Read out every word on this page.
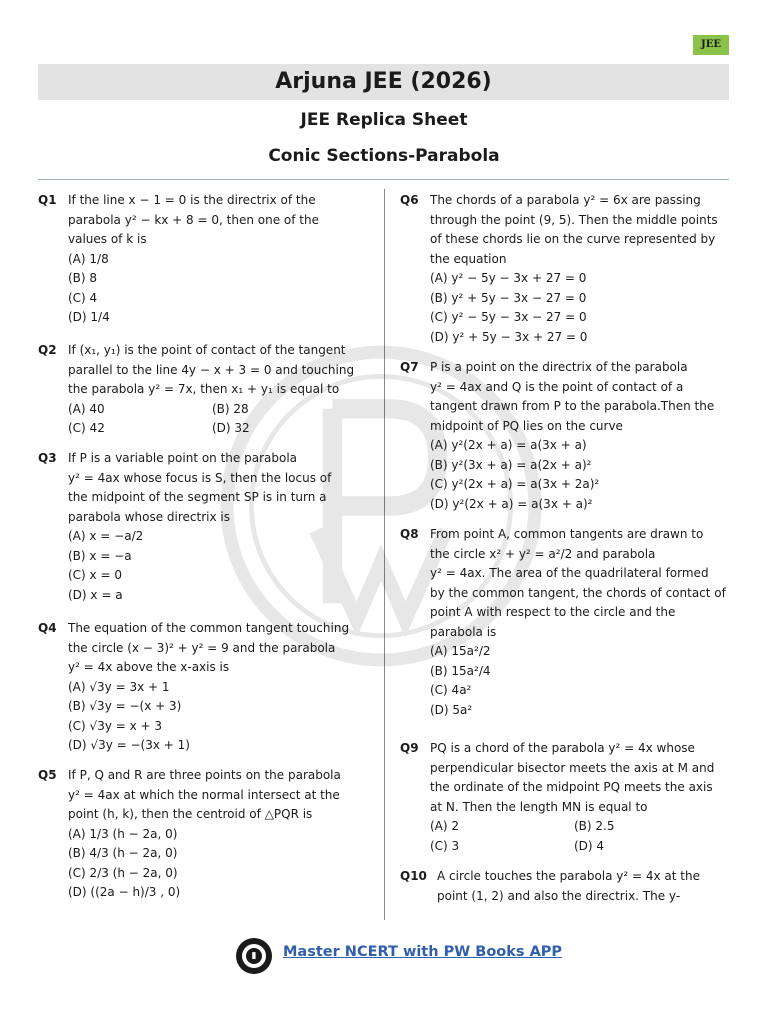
JEE
Arjuna JEE (2026)
JEE Replica Sheet
Conic Sections-Parabola
Q1 If the line x − 1 = 0 is the directrix of the
parabola y² − kx + 8 = 0, then one of the
values of k is
(A) 1/8
(B) 8
(C) 4
(D) 1/4
Q2 If (x₁, y₁) is the point of contact of the tangent
parallel to the line 4y − x + 3 = 0 and touching
the parabola y² = 7x, then x₁ + y₁ is equal to
(A) 40	(B) 28
(C) 42	(D) 32
Q3 If P is a variable point on the parabola
y² = 4ax whose focus is S, then the locus of
the midpoint of the segment SP is in turn a
parabola whose directrix is
(A) x = −a/2
(B) x = −a
(C) x = 0
(D) x = a
Q4 The equation of the common tangent touching
the circle (x − 3)² + y² = 9 and the parabola
y² = 4x above the x-axis is
(A) √3y = 3x + 1
(B) √3y = −(x + 3)
(C) √3y = x + 3
(D) √3y = −(3x + 1)
Q5 If P, Q and R are three points on the parabola
y² = 4ax at which the normal intersect at the
point (h, k), then the centroid of △PQR is
(A) 1/3 (h − 2a, 0)
(B) 4/3 (h − 2a, 0)
(C) 2/3 (h − 2a, 0)
(D) ((2a − h)/3 , 0)
Q6 The chords of a parabola y² = 6x are passing
through the point (9, 5). Then the middle points
of these chords lie on the curve represented by
the equation
(A) y² − 5y − 3x + 27 = 0
(B) y² + 5y − 3x − 27 = 0
(C) y² − 5y − 3x − 27 = 0
(D) y² + 5y − 3x + 27 = 0
Q7 P is a point on the directrix of the parabola
y² = 4ax and Q is the point of contact of a
tangent drawn from P to the parabola.Then the
midpoint of PQ lies on the curve
(A) y²(2x + a) = a(3x + a)
(B) y²(3x + a) = a(2x + a)²
(C) y²(2x + a) = a(3x + 2a)²
(D) y²(2x + a) = a(3x + a)²
Q8 From point A, common tangents are drawn to
the circle x² + y² = a²/2 and parabola
y² = 4ax. The area of the quadrilateral formed
by the common tangent, the chords of contact of
point A with respect to the circle and the
parabola is
(A) 15a²/2
(B) 15a²/4
(C) 4a²
(D) 5a²
Q9 PQ is a chord of the parabola y² = 4x whose
perpendicular bisector meets the axis at M and
the ordinate of the midpoint PQ meets the axis
at N. Then the length MN is equal to
(A) 2	(B) 2.5
(C) 3	(D) 4
Q10 A circle touches the parabola y² = 4x at the
point (1, 2) and also the directrix. The y-
▮	Master NCERT with PW Books APP
